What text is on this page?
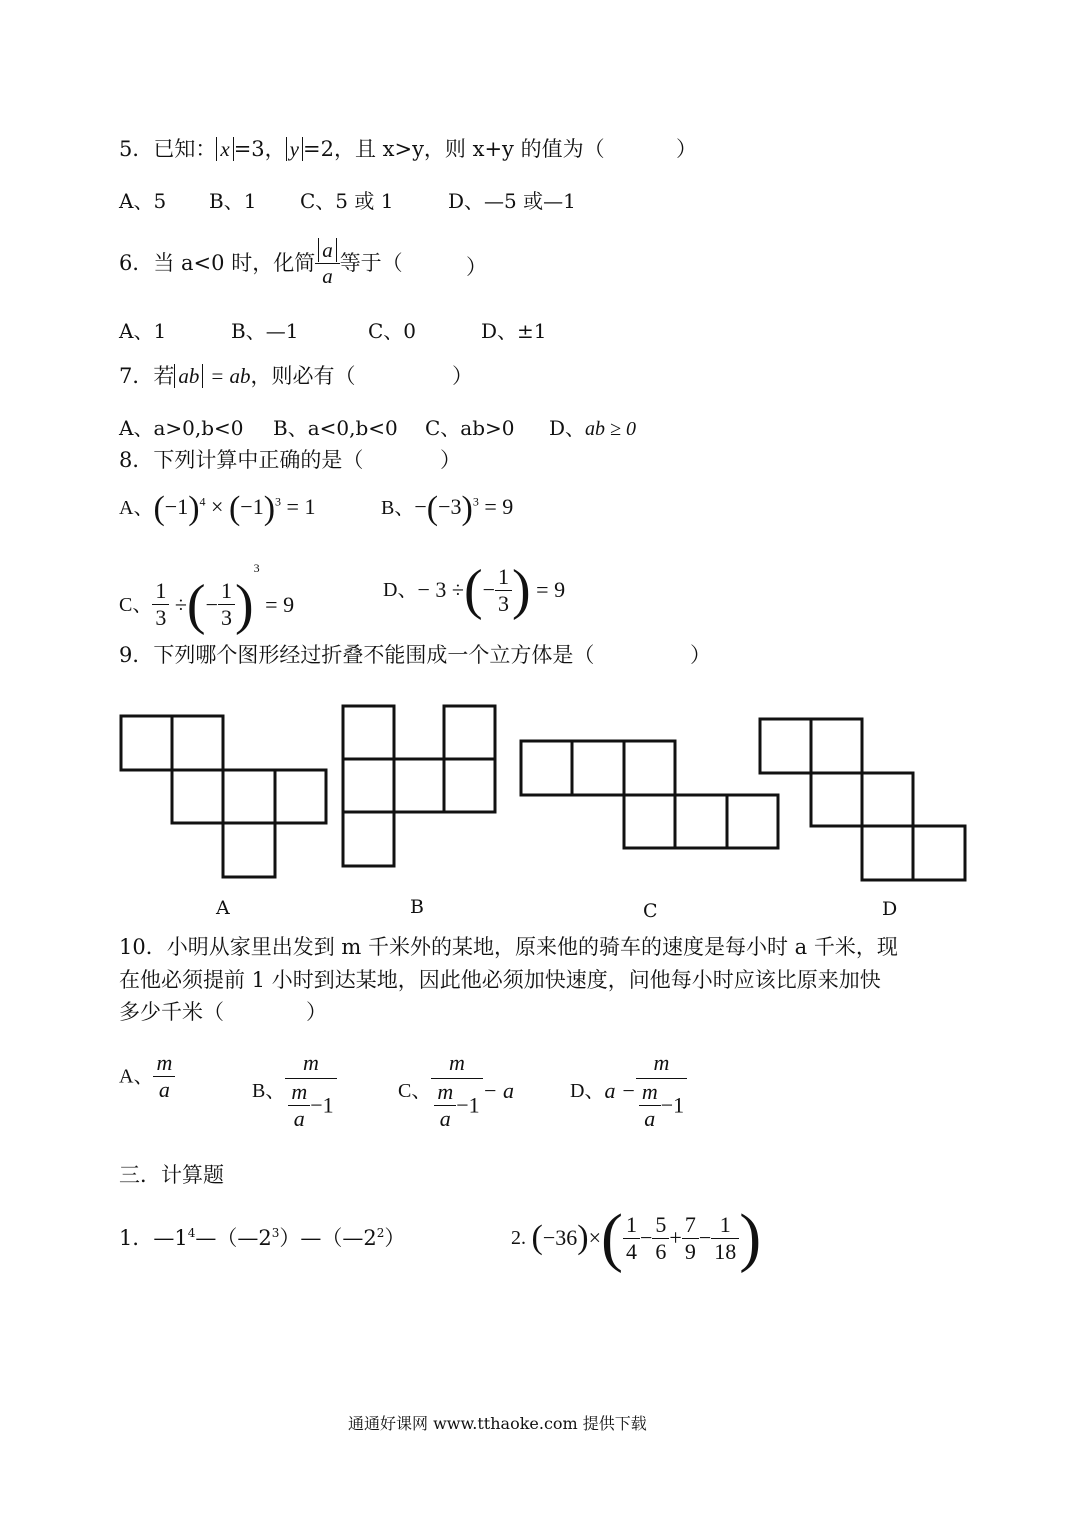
5．已知： x =3， y =2，且 x>y，则 x+y 的值为（	）
A、5 B、1 C、5 或 1	D、—5 或—1
6．当 a<0 时，化简 $\frac{a}{a}$ 等于（	）
A、1	B、—1	C、0	D、±1
7．若 ab = ab，则必有（	）
A、a>0,b<0 B、a<0,b<0 C、ab>0 D、ab ≥ 0
8．下列计算中正确的是（	）
A、$(-1)^4 \times (-1)^3 = 1$	B、$-(-3)^3 = 9$
C、 $\frac{1}{3}$ ÷(− $\frac{1}{3} )^3 = 9$
D、− 3 ÷(− $\frac{1}{3}$ ) = 9
9．下列哪个图形经过折叠不能围成一个立方体是（	）
A	B	C	D
10．小明从家里出发到 m 千米外的某地，原来他的骑车的速度是每小时 a 千米，现
在他必须提前 1 小时到达某地，因此他必须加快速度，问他每小时应该比原来加快
多少千米（	）
A、 $\frac{m}{a}$	B、 $\frac{m}{\frac{m}{a} -1}$	C、 $\frac{m}{\frac{m}{a} -1} - a$	D、$a - \frac{m}{\frac{m}{a} -1}$
三．计算题
1．$—1^4—(—2^3)—(—2^2)$	2. $(-36)\times( \frac{1}{4} - \frac{5}{6} + \frac{7}{9} - \frac{1}{18}$ )
通通好课网 www.tthaoke.com 提供下载
